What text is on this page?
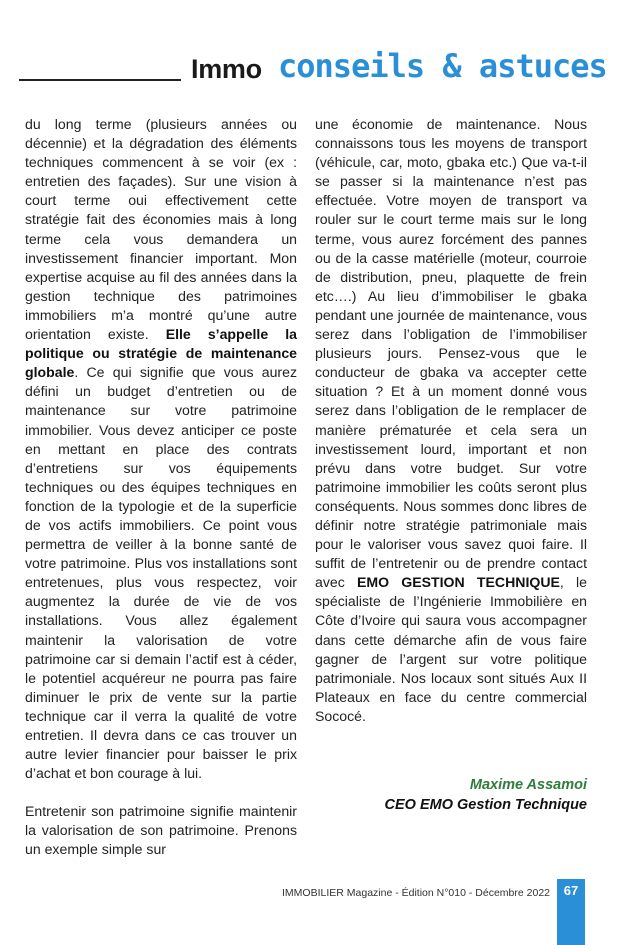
Immo conseils & astuces

du long terme (plusieurs années ou décennie) et la dégradation des éléments techniques commencent à se voir (ex : entretien des façades). Sur une vision à court terme oui effectivement cette stratégie fait des économies mais à long terme cela vous demandera un investissement financier important. Mon expertise acquise au fil des années dans la gestion technique des patrimoines immobiliers m’a montré qu’une autre orientation existe. Elle s’appelle la politique ou stratégie de maintenance globale. Ce qui signifie que vous aurez défini un budget d’entretien ou de maintenance sur votre patrimoine immobilier. Vous devez anticiper ce poste en mettant en place des contrats d’entretiens sur vos équipements techniques ou des équipes techniques en fonction de la typologie et de la superficie de vos actifs immobiliers. Ce point vous permettra de veiller à la bonne santé de votre patrimoine. Plus vos installations sont entretenues, plus vous respectez, voir augmentez la durée de vie de vos installations. Vous allez également maintenir la valorisation de votre patrimoine car si demain l’actif est à céder, le potentiel acquéreur ne pourra pas faire diminuer le prix de vente sur la partie technique car il verra la qualité de votre entretien. Il devra dans ce cas trouver un autre levier financier pour baisser le prix d’achat et bon courage à lui.

Entretenir son patrimoine signifie maintenir la valorisation de son patrimoine. Prenons un exemple simple sur

une économie de maintenance. Nous connaissons tous les moyens de transport (véhicule, car, moto, gbaka etc.) Que va-t-il se passer si la maintenance n’est pas effectuée. Votre moyen de transport va rouler sur le court terme mais sur le long terme, vous aurez forcément des pannes ou de la casse matérielle (moteur, courroie de distribution, pneu, plaquette de frein etc….) Au lieu d’immobiliser le gbaka pendant une journée de maintenance, vous serez dans l’obligation de l’immobiliser plusieurs jours. Pensez-vous que le conducteur de gbaka va accepter cette situation ? Et à un moment donné vous serez dans l’obligation de le remplacer de manière prématurée et cela sera un investissement lourd, important et non prévu dans votre budget. Sur votre patrimoine immobilier les coûts seront plus conséquents. Nous sommes donc libres de définir notre stratégie patrimoniale mais pour le valoriser vous savez quoi faire. Il suffit de l’entretenir ou de prendre contact avec EMO GESTION TECHNIQUE, le spécialiste de l’Ingénierie Immobilière en Côte d’Ivoire qui saura vous accompagner dans cette démarche afin de vous faire gagner de l’argent sur votre politique patrimoniale. Nos locaux sont situés Aux II Plateaux en face du centre commercial Sococé.

Maxime Assamoi
CEO EMO Gestion Technique
IMMOBILIER Magazine - Édition N°010 - Décembre 2022	67
